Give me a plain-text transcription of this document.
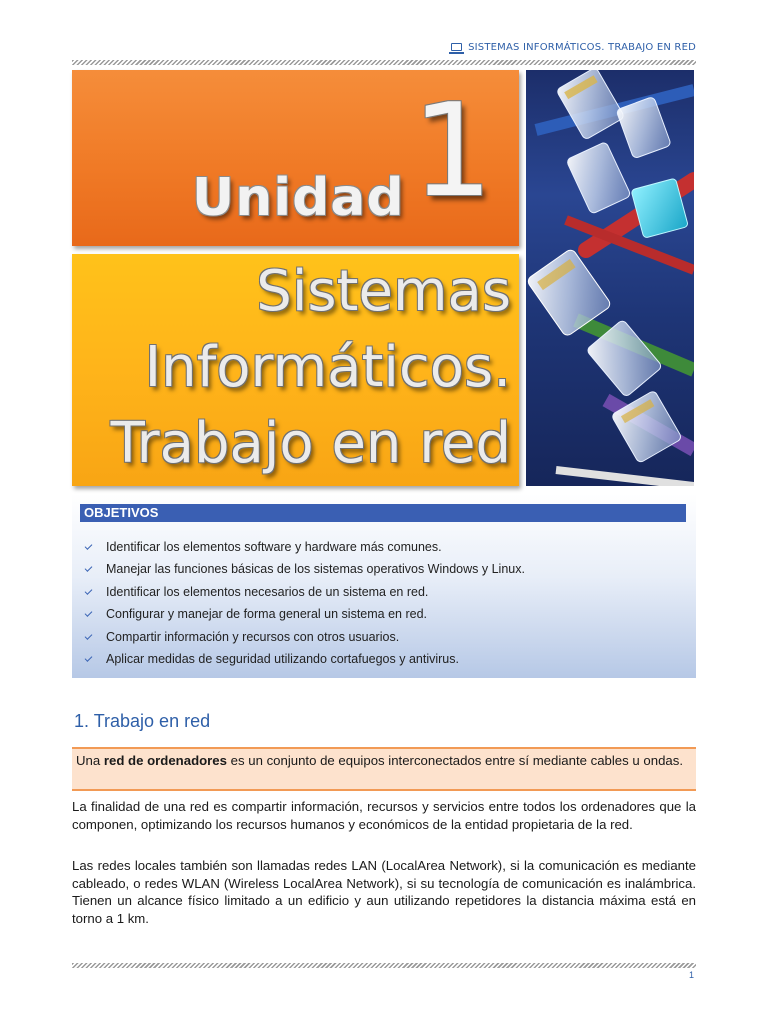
SISTEMAS INFORMÁTICOS. TRABAJO EN RED
Unidad 1
Sistemas
Informáticos.
Trabajo en red
OBJETIVOS
Identificar los elementos software y hardware más comunes.
Manejar las funciones básicas de los sistemas operativos Windows y Linux.
Identificar los elementos necesarios de un sistema en red.
Configurar y manejar de forma general un sistema en red.
Compartir información y recursos con otros usuarios.
Aplicar medidas de seguridad utilizando cortafuegos y antivirus.
1. Trabajo en red
Una red de ordenadores es un conjunto de equipos interconectados entre sí mediante cables u ondas.

La finalidad de una red es compartir información, recursos y servicios entre todos los ordenadores que la componen, optimizando los recursos humanos y económicos de la entidad propietaria de la red.

Las redes locales también son llamadas redes LAN (LocalArea Network), si la comunicación es mediante cableado, o redes WLAN (Wireless LocalArea Network), si su tecnología de comunicación es inalámbrica. Tienen un alcance físico limitado a un edificio y aun utilizando repetidores la distancia máxima está en torno a 1 km.

1
